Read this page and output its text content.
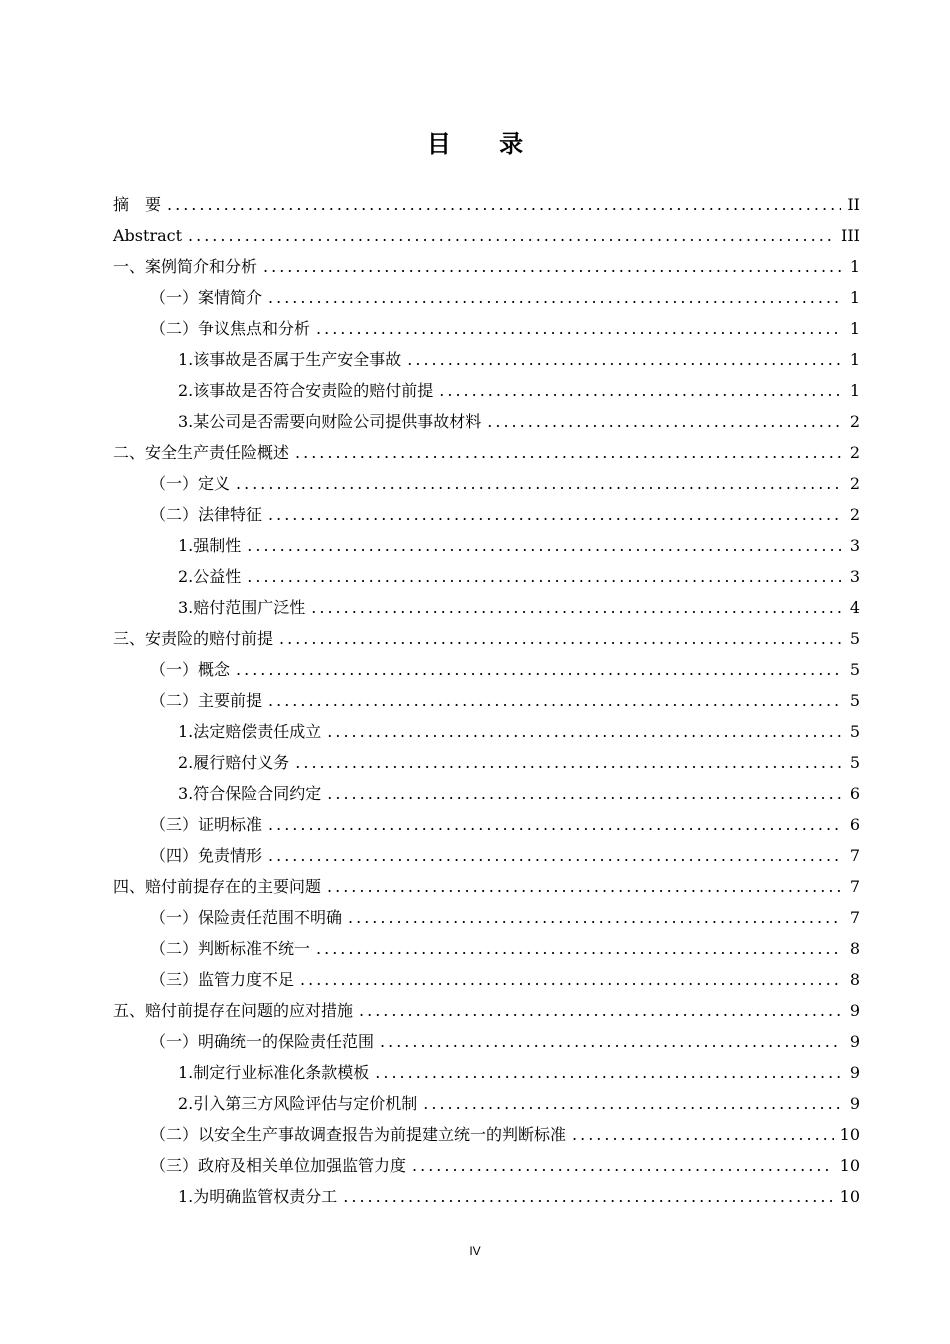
目 录
摘　要 .....	II
Abstract .....	III
一、案例简介和分析 .....	1
（一）案情简介 .....	1
（二）争议焦点和分析 .....	1
1.该事故是否属于生产安全事故 .....	1
2.该事故是否符合安责险的赔付前提 .....	1
3.某公司是否需要向财险公司提供事故材料 .....	2
二、安全生产责任险概述 .....	2
（一）定义 .....	2
（二）法律特征 .....	2
1.强制性 .....	3
2.公益性 .....	3
3.赔付范围广泛性 .....	4
三、安责险的赔付前提 .....	5
（一）概念 .....	5
（二）主要前提 .....	5
1.法定赔偿责任成立 .....	5
2.履行赔付义务 .....	5
3.符合保险合同约定 .....	6
（三）证明标准 .....	6
（四）免责情形 .....	7
四、赔付前提存在的主要问题 .....	7
（一）保险责任范围不明确 .....	7
（二）判断标准不统一 .....	8
（三）监管力度不足 .....	8
五、赔付前提存在问题的应对措施 .....	9
（一）明确统一的保险责任范围 .....	9
1.制定行业标准化条款模板 .....	9
2.引入第三方风险评估与定价机制 .....	9
（二）以安全生产事故调查报告为前提建立统一的判断标准 .....	10
（三）政府及相关单位加强监管力度 .....	10
1.为明确监管权责分工 .....	10
IV
